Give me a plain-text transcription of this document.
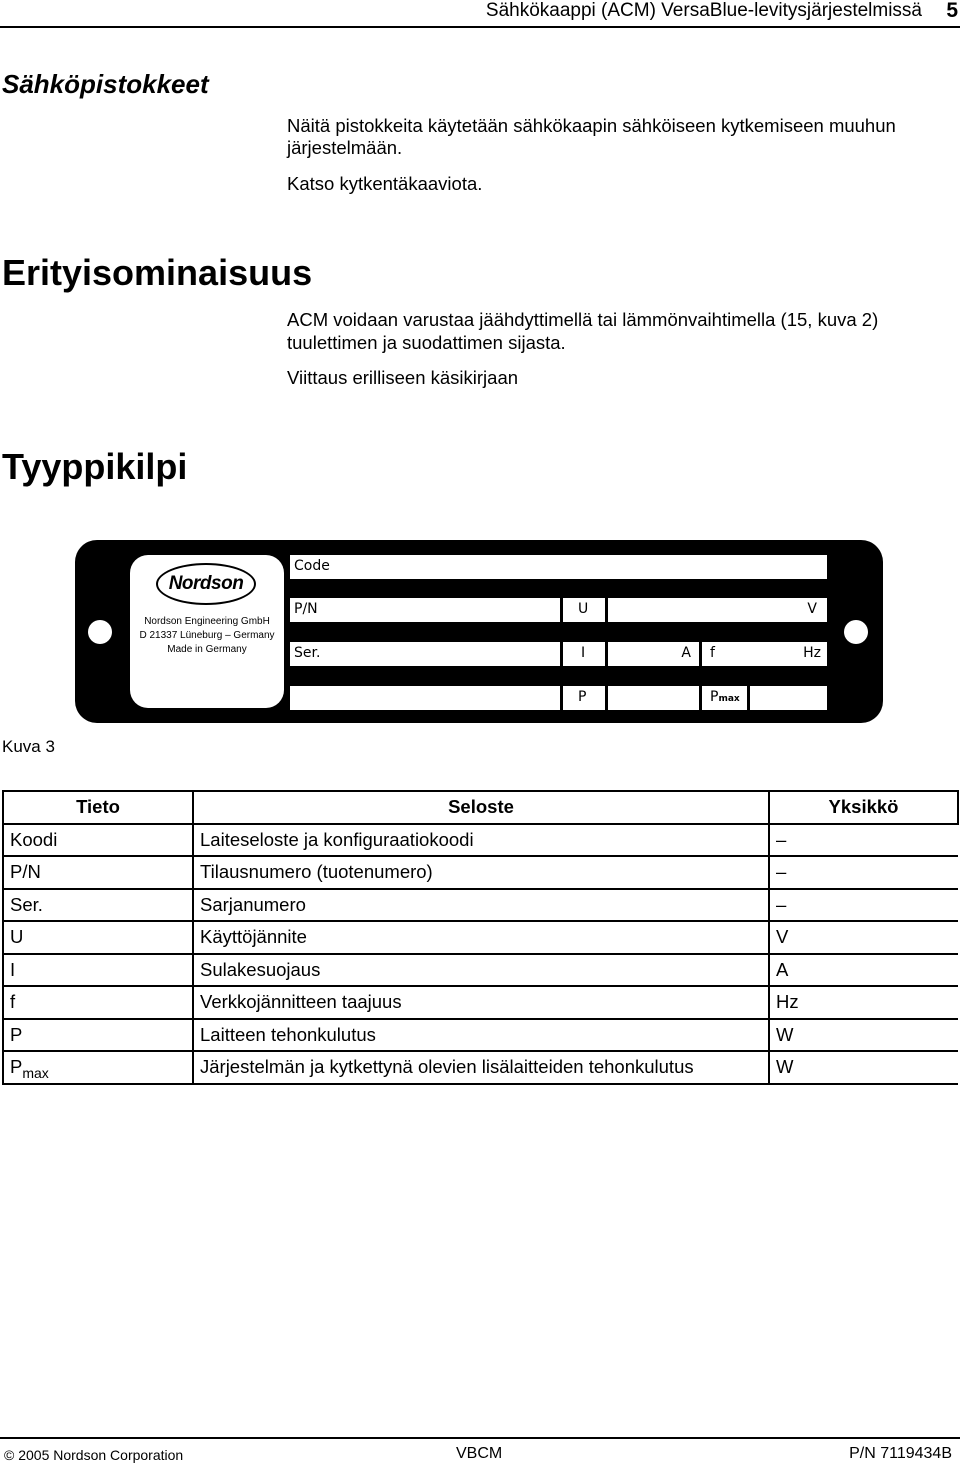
Sähkökaappi (ACM) VersaBlue-levitysjärjestelmissä 5
Sähköpistokkeet
Näitä pistokkeita käytetään sähkökaapin sähköiseen kytkemiseen muuhun
järjestelmään.
Katso kytkentäkaaviota.
Erityisominaisuus
ACM voidaan varustaa jäähdyttimellä tai lämmönvaihtimella (15, kuva 2)
tuulettimen ja suodattimen sijasta.
Viittaus erilliseen käsikirjaan
Tyyppikilpi
Nordson
Nordson Engineering GmbH
D 21337 Lüneburg – Germany
Made in Germany
Code
P/N	U	V
Ser.	I	A	f	Hz
P	Pmax
Kuva 3
Tieto	Seloste	Yksikkö
Koodi	Laiteseloste ja konfiguraatiokoodi	–
P/N	Tilausnumero (tuotenumero)	–
Ser.	Sarjanumero	–
U	Käyttöjännite	V
I	Sulakesuojaus	A
f	Verkkojännitteen taajuus	Hz
P	Laitteen tehonkulutus	W
$P_{max}$	Järjestelmän ja kytkettynä olevien lisälaitteiden tehonkulutus	W
© 2005 Nordson Corporation	VBCM	P/N 7119434B
